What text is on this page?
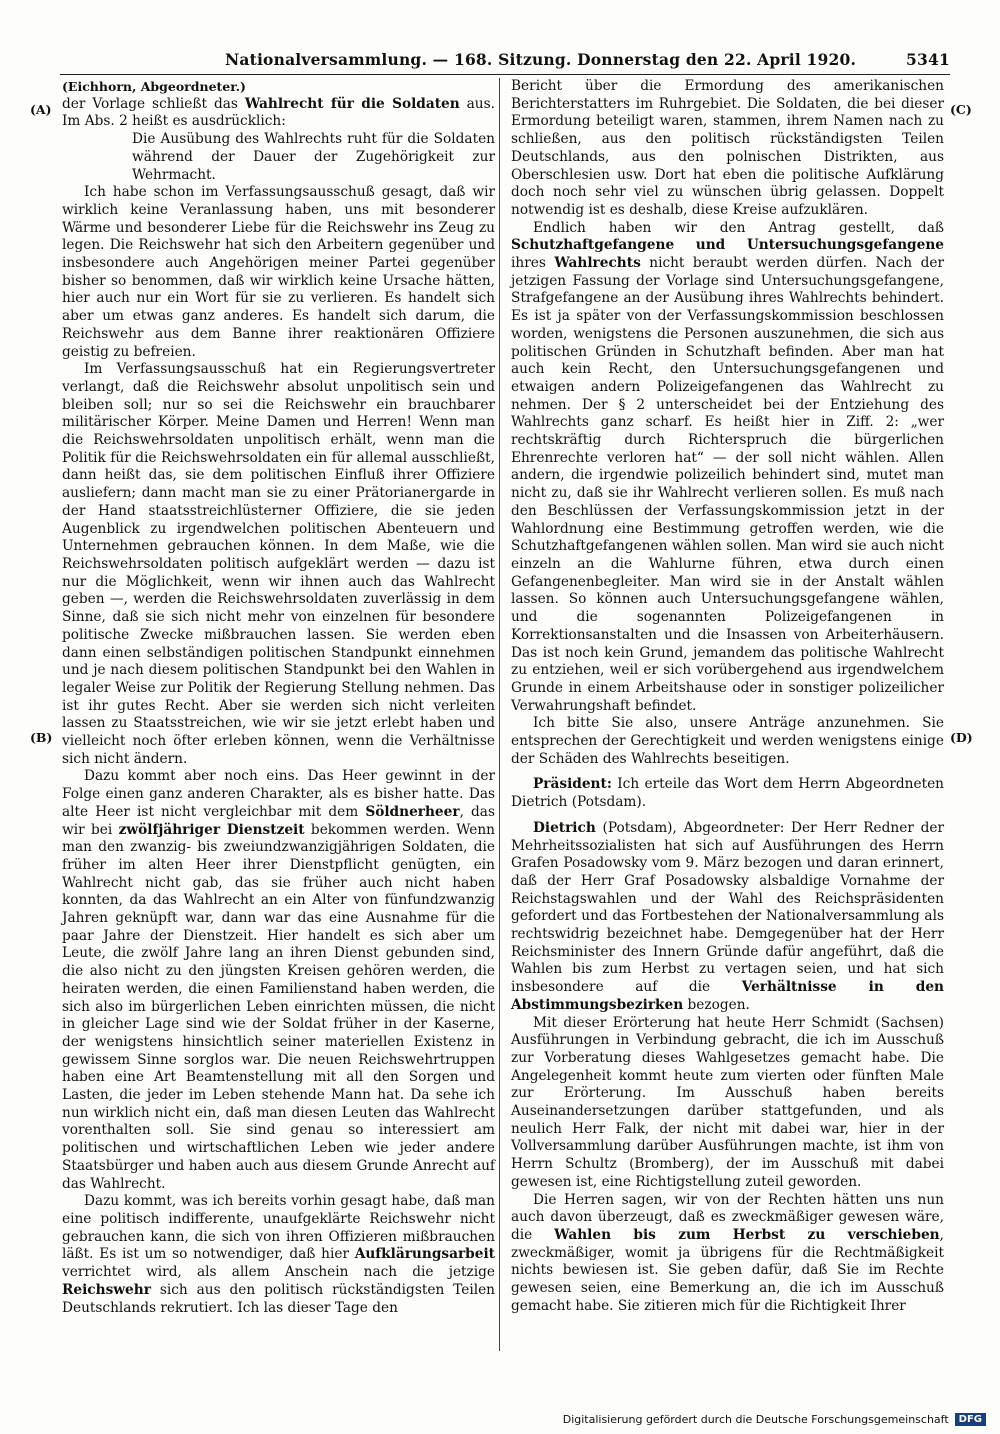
Nationalversammlung. — 168. Sitzung. Donnerstag den 22. April 1920.	5341
(A)
(B)
(C)
(D)

(Eichhorn, Abgeordneter.)

der Vorlage schließt das Wahlrecht für die Soldaten aus. Im Abs. 2 heißt es ausdrücklich:

Die Ausübung des Wahlrechts ruht für die Soldaten während der Dauer der Zugehörigkeit zur Wehrmacht.

Ich habe schon im Verfassungsausschuß gesagt, daß wir wirklich keine Veranlassung haben, uns mit besonderer Wärme und besonderer Liebe für die Reichswehr ins Zeug zu legen. Die Reichswehr hat sich den Arbeitern gegenüber und insbesondere auch Angehörigen meiner Partei gegenüber bisher so benommen, daß wir wirklich keine Ursache hätten, hier auch nur ein Wort für sie zu verlieren. Es handelt sich aber um etwas ganz anderes. Es handelt sich darum, die Reichswehr aus dem Banne ihrer reaktionären Offiziere geistig zu befreien.

Im Verfassungsausschuß hat ein Regierungsvertreter verlangt, daß die Reichswehr absolut unpolitisch sein und bleiben soll; nur so sei die Reichswehr ein brauchbarer militärischer Körper. Meine Damen und Herren! Wenn man die Reichswehrsoldaten unpolitisch erhält, wenn man die Politik für die Reichswehrsoldaten ein für allemal ausschließt, dann heißt das, sie dem politischen Einfluß ihrer Offiziere ausliefern; dann macht man sie zu einer Prätorianergarde in der Hand staatsstreichlüsterner Offiziere, die sie jeden Augenblick zu irgendwelchen politischen Abenteuern und Unternehmen gebrauchen können. In dem Maße, wie die Reichswehrsoldaten politisch aufgeklärt werden — dazu ist nur die Möglichkeit, wenn wir ihnen auch das Wahlrecht geben —, werden die Reichswehrsoldaten zuverlässig in dem Sinne, daß sie sich nicht mehr von einzelnen für besondere politische Zwecke mißbrauchen lassen. Sie werden eben dann einen selbständigen politischen Standpunkt einnehmen und je nach diesem politischen Standpunkt bei den Wahlen in legaler Weise zur Politik der Regierung Stellung nehmen. Das ist ihr gutes Recht. Aber sie werden sich nicht verleiten lassen zu Staatsstreichen, wie wir sie jetzt erlebt haben und vielleicht noch öfter erleben können, wenn die Verhältnisse sich nicht ändern.

Dazu kommt aber noch eins. Das Heer gewinnt in der Folge einen ganz anderen Charakter, als es bisher hatte. Das alte Heer ist nicht vergleichbar mit dem Söldnerheer, das wir bei zwölfjähriger Dienstzeit bekommen werden. Wenn man den zwanzig- bis zweiundzwanzigjährigen Soldaten, die früher im alten Heer ihrer Dienstpflicht genügten, ein Wahlrecht nicht gab, das sie früher auch nicht haben konnten, da das Wahlrecht an ein Alter von fünfundzwanzig Jahren geknüpft war, dann war das eine Ausnahme für die paar Jahre der Dienstzeit. Hier handelt es sich aber um Leute, die zwölf Jahre lang an ihren Dienst gebunden sind, die also nicht zu den jüngsten Kreisen gehören werden, die heiraten werden, die einen Familienstand haben werden, die sich also im bürgerlichen Leben einrichten müssen, die nicht in gleicher Lage sind wie der Soldat früher in der Kaserne, der wenigstens hinsichtlich seiner materiellen Existenz in gewissem Sinne sorglos war. Die neuen Reichswehrtruppen haben eine Art Beamtenstellung mit all den Sorgen und Lasten, die jeder im Leben stehende Mann hat. Da sehe ich nun wirklich nicht ein, daß man diesen Leuten das Wahlrecht vorenthalten soll. Sie sind genau so interessiert am politischen und wirtschaftlichen Leben wie jeder andere Staatsbürger und haben auch aus diesem Grunde Anrecht auf das Wahlrecht.

Dazu kommt, was ich bereits vorhin gesagt habe, daß man eine politisch indifferente, unaufgeklärte Reichswehr nicht gebrauchen kann, die sich von ihren Offizieren mißbrauchen läßt. Es ist um so notwendiger, daß hier Aufklärungsarbeit verrichtet wird, als allem Anschein nach die jetzige Reichswehr sich aus den politisch rückständigsten Teilen Deutschlands rekrutiert. Ich las dieser Tage den

Bericht über die Ermordung des amerikanischen Berichterstatters im Ruhrgebiet. Die Soldaten, die bei dieser Ermordung beteiligt waren, stammen, ihrem Namen nach zu schließen, aus den politisch rückständigsten Teilen Deutschlands, aus den polnischen Distrikten, aus Oberschlesien usw. Dort hat eben die politische Aufklärung doch noch sehr viel zu wünschen übrig gelassen. Doppelt notwendig ist es deshalb, diese Kreise aufzuklären.

Endlich haben wir den Antrag gestellt, daß Schutzhaftgefangene und Untersuchungsgefangene ihres Wahlrechts nicht beraubt werden dürfen. Nach der jetzigen Fassung der Vorlage sind Untersuchungsgefangene, Strafgefangene an der Ausübung ihres Wahlrechts behindert. Es ist ja später von der Verfassungskommission beschlossen worden, wenigstens die Personen auszunehmen, die sich aus politischen Gründen in Schutzhaft befinden. Aber man hat auch kein Recht, den Untersuchungsgefangenen und etwaigen andern Polizeigefangenen das Wahlrecht zu nehmen. Der § 2 unterscheidet bei der Entziehung des Wahlrechts ganz scharf. Es heißt hier in Ziff. 2: „wer rechtskräftig durch Richterspruch die bürgerlichen Ehrenrechte verloren hat“ — der soll nicht wählen. Allen andern, die irgendwie polizeilich behindert sind, mutet man nicht zu, daß sie ihr Wahlrecht verlieren sollen. Es muß nach den Beschlüssen der Verfassungskommission jetzt in der Wahlordnung eine Bestimmung getroffen werden, wie die Schutzhaftgefangenen wählen sollen. Man wird sie auch nicht einzeln an die Wahlurne führen, etwa durch einen Gefangenenbegleiter. Man wird sie in der Anstalt wählen lassen. So können auch Untersuchungsgefangene wählen, und die sogenannten Polizeigefangenen in Korrektionsanstalten und die Insassen von Arbeiterhäusern. Das ist noch kein Grund, jemandem das politische Wahlrecht zu entziehen, weil er sich vorübergehend aus irgendwelchem Grunde in einem Arbeitshause oder in sonstiger polizeilicher Verwahrungshaft befindet.

Ich bitte Sie also, unsere Anträge anzunehmen. Sie entsprechen der Gerechtigkeit und werden wenigstens einige der Schäden des Wahlrechts beseitigen.

Präsident: Ich erteile das Wort dem Herrn Abgeordneten Dietrich (Potsdam).

Dietrich (Potsdam), Abgeordneter: Der Herr Redner der Mehrheitssozialisten hat sich auf Ausführungen des Herrn Grafen Posadowsky vom 9. März bezogen und daran erinnert, daß der Herr Graf Posadowsky alsbaldige Vornahme der Reichstagswahlen und der Wahl des Reichspräsidenten gefordert und das Fortbestehen der Nationalversammlung als rechtswidrig bezeichnet habe. Demgegenüber hat der Herr Reichsminister des Innern Gründe dafür angeführt, daß die Wahlen bis zum Herbst zu vertagen seien, und hat sich insbesondere auf die Verhältnisse in den Abstimmungsbezirken bezogen.

Mit dieser Erörterung hat heute Herr Schmidt (Sachsen) Ausführungen in Verbindung gebracht, die ich im Ausschuß zur Vorberatung dieses Wahlgesetzes gemacht habe. Die Angelegenheit kommt heute zum vierten oder fünften Male zur Erörterung. Im Ausschuß haben bereits Auseinandersetzungen darüber stattgefunden, und als neulich Herr Falk, der nicht mit dabei war, hier in der Vollversammlung darüber Ausführungen machte, ist ihm von Herrn Schultz (Bromberg), der im Ausschuß mit dabei gewesen ist, eine Richtigstellung zuteil geworden.

Die Herren sagen, wir von der Rechten hätten uns nun auch davon überzeugt, daß es zweckmäßiger gewesen wäre, die Wahlen bis zum Herbst zu verschieben, zweckmäßiger, womit ja übrigens für die Rechtmäßigkeit nichts bewiesen ist. Sie geben dafür, daß Sie im Rechte gewesen seien, eine Bemerkung an, die ich im Ausschuß gemacht habe. Sie zitieren mich für die Richtigkeit Ihrer

Digitalisierung gefördert durch die Deutsche Forschungsgemeinschaft	DFG
